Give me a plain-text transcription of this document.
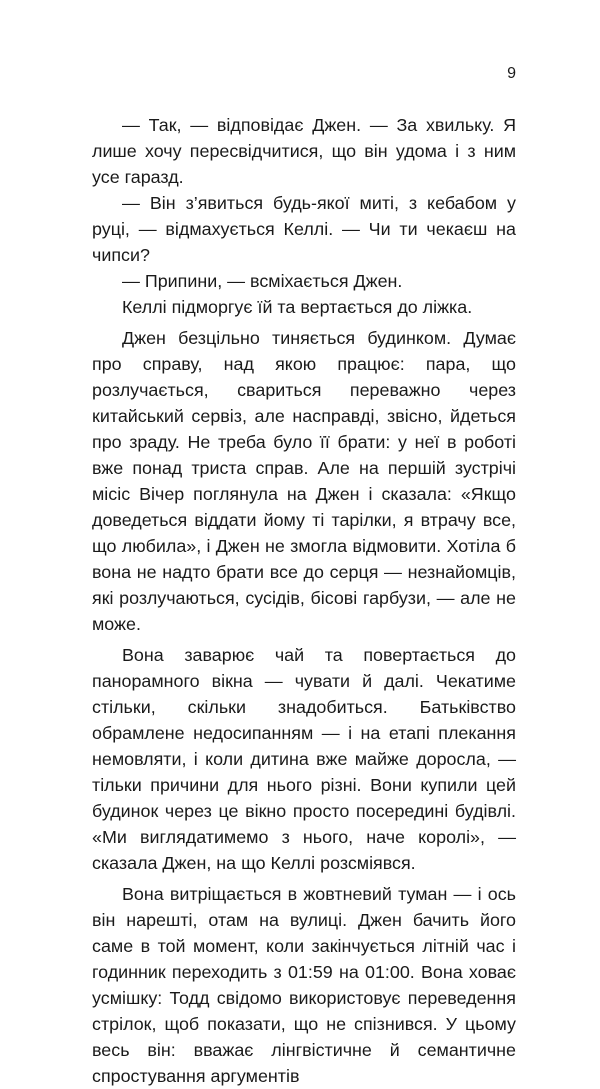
9

— Так, — відповідає Джен. — За хвильку. Я лише хочу пересвідчитися, що він удома і з ним усе гаразд.

— Він з’явиться будь-якої миті, з кебабом у руці, — відмахується Келлі. — Чи ти чекаєш на чипси?

— Припини, — всміхається Джен.

Келлі підморгує їй та вертається до ліжка.

Джен безцільно тиняється будинком. Думає про справу, над якою працює: пара, що розлучається, свариться переважно через китайський сервіз, але насправді, звісно, йдеться про зраду. Не треба було її брати: у неї в роботі вже понад триста справ. Але на першій зустрічі місіс Вічер поглянула на Джен і сказала: «Якщо доведеться віддати йому ті тарілки, я втрачу все, що любила», і Джен не змогла відмовити. Хотіла б вона не надто брати все до серця — незнайомців, які розлучаються, сусідів, бісові гарбузи, — але не може.

Вона заварює чай та повертається до панорамного вікна — чувати й далі. Чекатиме стільки, скільки знадобиться. Батьківство обрамлене недосипанням — і на етапі плекання немовляти, і коли дитина вже майже доросла, — тільки причини для нього різні. Вони купили цей будинок через це вікно просто посередині будівлі. «Ми виглядатимемо з нього, наче королі», — сказала Джен, на що Келлі розсміявся.

Вона витріщається в жовтневий туман — і ось він нарешті, отам на вулиці. Джен бачить його саме в той момент, коли закінчується літній час і годинник переходить з 01:59 на 01:00. Вона ховає усмішку: Тодд свідомо використовує переведення стрілок, щоб показати, що не спізнився. У цьому весь він: вважає лінгвістичне й семантичне спростування аргументів
